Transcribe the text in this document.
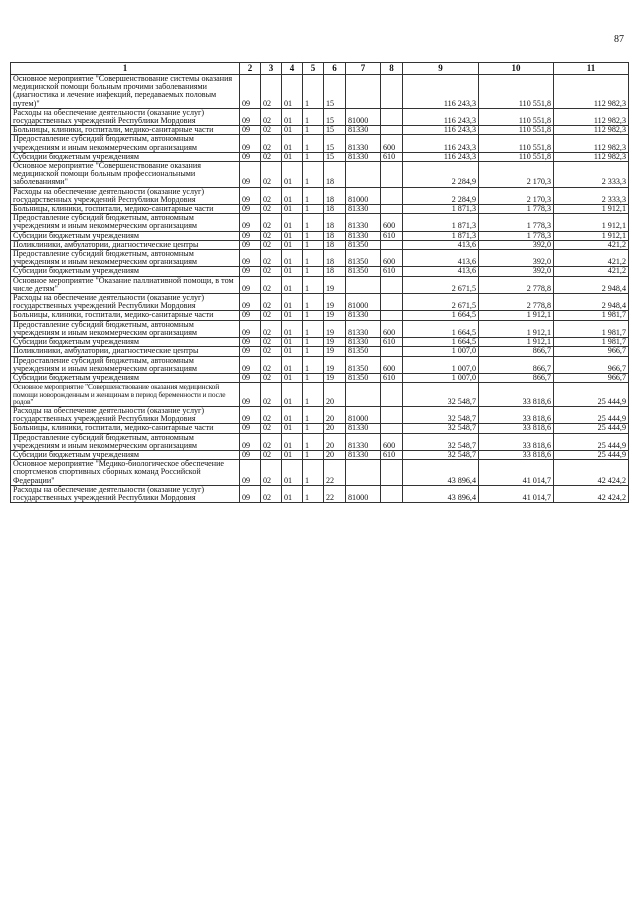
87
1	2	3	4	5	6	7	8	9	10	11
Основное мероприятие "Совершенствование системы оказания медицинской помощи больным прочими заболеваниями (диагностика и лечение инфекций, передаваемых половым путем)"	09	02	01	1	15			116 243,3	110 551,8	112 982,3
Расходы на обеспечение деятельности (оказание услуг) государственных учреждений Республики Мордовия	09	02	01	1	15	81000		116 243,3	110 551,8	112 982,3
Больницы, клиники, госпитали, медико-санитарные части	09	02	01	1	15	81330		116 243,3	110 551,8	112 982,3
Предоставление субсидий бюджетным, автономным учреждениям и иным некоммерческим организациям	09	02	01	1	15	81330	600	116 243,3	110 551,8	112 982,3
Субсидии бюджетным учреждениям	09	02	01	1	15	81330	610	116 243,3	110 551,8	112 982,3
Основное мероприятие "Совершенствование оказания медицинской помощи больным профессиональными заболеваниями"	09	02	01	1	18			2 284,9	2 170,3	2 333,3
Расходы на обеспечение деятельности (оказание услуг) государственных учреждений Республики Мордовия	09	02	01	1	18	81000		2 284,9	2 170,3	2 333,3
Больницы, клиники, госпитали, медико-санитарные части	09	02	01	1	18	81330		1 871,3	1 778,3	1 912,1
Предоставление субсидий бюджетным, автономным учреждениям и иным некоммерческим организациям	09	02	01	1	18	81330	600	1 871,3	1 778,3	1 912,1
Субсидии бюджетным учреждениям	09	02	01	1	18	81330	610	1 871,3	1 778,3	1 912,1
Поликлиники, амбулатории, диагностические центры	09	02	01	1	18	81350		413,6	392,0	421,2
Предоставление субсидий бюджетным, автономным учреждениям и иным некоммерческим организациям	09	02	01	1	18	81350	600	413,6	392,0	421,2
Субсидии бюджетным учреждениям	09	02	01	1	18	81350	610	413,6	392,0	421,2
Основное мероприятие "Оказание паллиативной помощи, в том числе детям"	09	02	01	1	19			2 671,5	2 778,8	2 948,4
Расходы на обеспечение деятельности (оказание услуг) государственных учреждений Республики Мордовия	09	02	01	1	19	81000		2 671,5	2 778,8	2 948,4
Больницы, клиники, госпитали, медико-санитарные части	09	02	01	1	19	81330		1 664,5	1 912,1	1 981,7
Предоставление субсидий бюджетным, автономным учреждениям и иным некоммерческим организациям	09	02	01	1	19	81330	600	1 664,5	1 912,1	1 981,7
Субсидии бюджетным учреждениям	09	02	01	1	19	81330	610	1 664,5	1 912,1	1 981,7
Поликлиники, амбулатории, диагностические центры	09	02	01	1	19	81350		1 007,0	866,7	966,7
Предоставление субсидий бюджетным, автономным учреждениям и иным некоммерческим организациям	09	02	01	1	19	81350	600	1 007,0	866,7	966,7
Субсидии бюджетным учреждениям	09	02	01	1	19	81350	610	1 007,0	866,7	966,7
Основное мероприятие "Совершенствование оказания медицинской помощи новорожденным и женщинам в период беременности и после родов"	09	02	01	1	20			32 548,7	33 818,6	25 444,9
Расходы на обеспечение деятельности (оказание услуг) государственных учреждений Республики Мордовия	09	02	01	1	20	81000		32 548,7	33 818,6	25 444,9
Больницы, клиники, госпитали, медико-санитарные части	09	02	01	1	20	81330		32 548,7	33 818,6	25 444,9
Предоставление субсидий бюджетным, автономным учреждениям и иным некоммерческим организациям	09	02	01	1	20	81330	600	32 548,7	33 818,6	25 444,9
Субсидии бюджетным учреждениям	09	02	01	1	20	81330	610	32 548,7	33 818,6	25 444,9
Основное мероприятие "Медико-биологическое обеспечение спортсменов спортивных сборных команд Российской Федерации"	09	02	01	1	22			43 896,4	41 014,7	42 424,2
Расходы на обеспечение деятельности (оказание услуг) государственных учреждений Республики Мордовия	09	02	01	1	22	81000		43 896,4	41 014,7	42 424,2
